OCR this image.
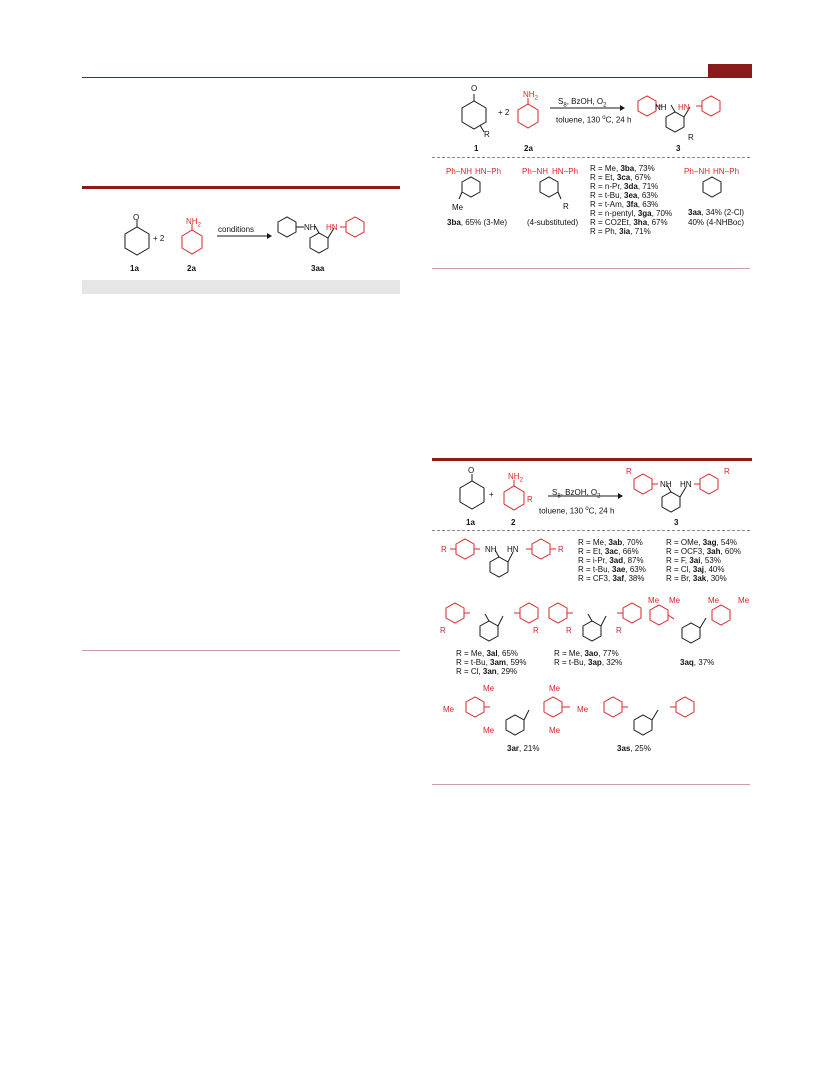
O	$NH_2$
+ 2
conditions	NH HN
1a	2a	3aa
O
$NH_2$
R
+ 2
$S_8$, BzOH, $O_2$
toluene, 130 $^o$C, 24 h
NH HN
R
1	2a	3
Ph−NH HN−Ph
Me
3ba, 65% (3-Me)
Ph−NH HN−Ph
R
(4-substituted)
R = Me, 3ba, 73%
R = Et, 3ca, 67%
R = n-Pr, 3da, 71%
R = t-Bu, 3ea, 63%
R = t-Am, 3fa, 63%
R = n-pentyl, 3ga, 70%
R = CO2Et, 3ha, 67%
R = Ph, 3ia, 71%
Ph−NH HN−Ph
3aa, 34% (2-Cl)
40% (4-NHBoc)
O
$NH_2$
R
+	$S_8$, BzOH, $O_2$
toluene, 130 $^o$C, 24 h
R	R
NH HN
1a	2	3
R	R
NH HN
R = Me, 3ab, 70%
R = Et, 3ac, 66%
R = i-Pr, 3ad, 87%
R = t-Bu, 3ae, 63%
R = CF3, 3af, 38%
R = OMe, 3ag, 54%
R = OCF3, 3ah, 60%
R = F, 3ai, 53%
R = Cl, 3aj, 40%
R = Br, 3ak, 30%
R	R	R	R
Me Me	Me Me
R = Me, 3al, 65%
R = t-Bu, 3am, 59%
R = Cl, 3an, 29%
R = Me, 3ao, 77%
R = t-Bu, 3ap, 32%	3aq, 37%
Me
Me
Me
Me
Me
Me
3ar, 21%	3as, 25%
